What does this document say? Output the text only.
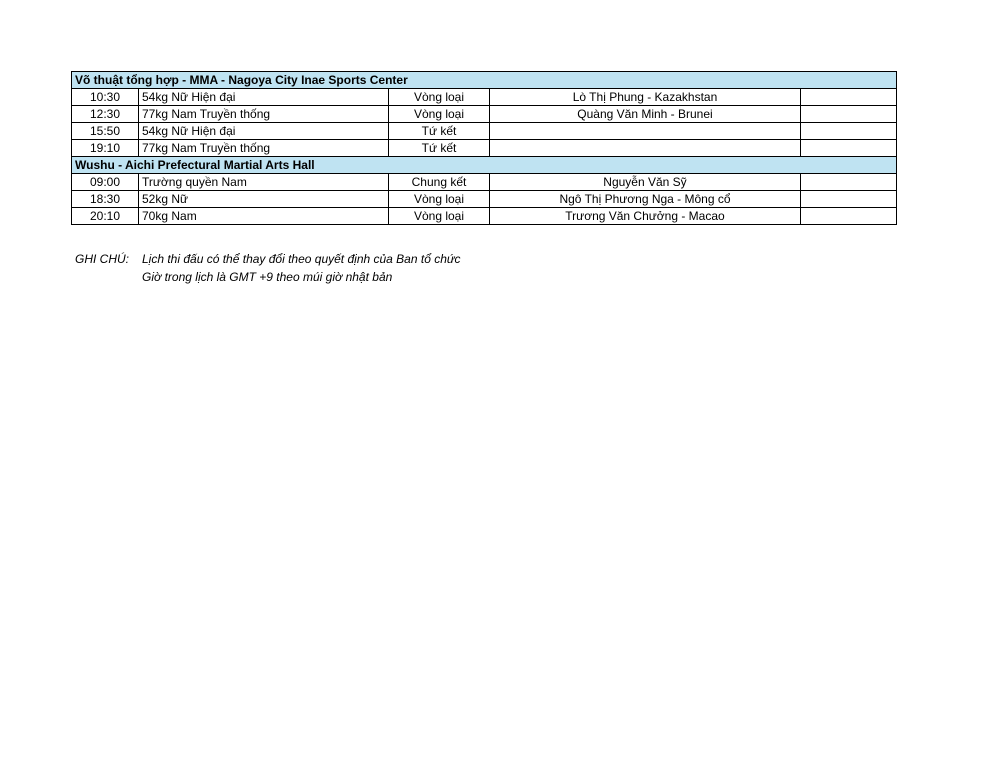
Võ thuật tổng hợp - MMA - Nagoya City Inae Sports Center				
10:30	54kg Nữ Hiện đại	Vòng loại	Lò Thị Phung - Kazakhstan	
12:30	77kg Nam Truyền thống	Vòng loại	Quàng Văn Minh - Brunei	
15:50	54kg Nữ Hiện đại	Tứ kết		
19:10	77kg Nam Truyền thống	Tứ kết		
Wushu - Aichi Prefectural Martial Arts Hall				
09:00	Trường quyền Nam	Chung kết	Nguyễn Văn Sỹ	
18:30	52kg Nữ	Vòng loại	Ngô Thị Phương Nga - Mông cổ	
20:10	70kg Nam	Vòng loại	Trương Văn Chưởng - Macao	
GHI CHÚ:	Lịch thi đấu có thể thay đổi theo quyết định của Ban tổ chức
Giờ trong lịch là GMT +9 theo múi giờ nhật bản
